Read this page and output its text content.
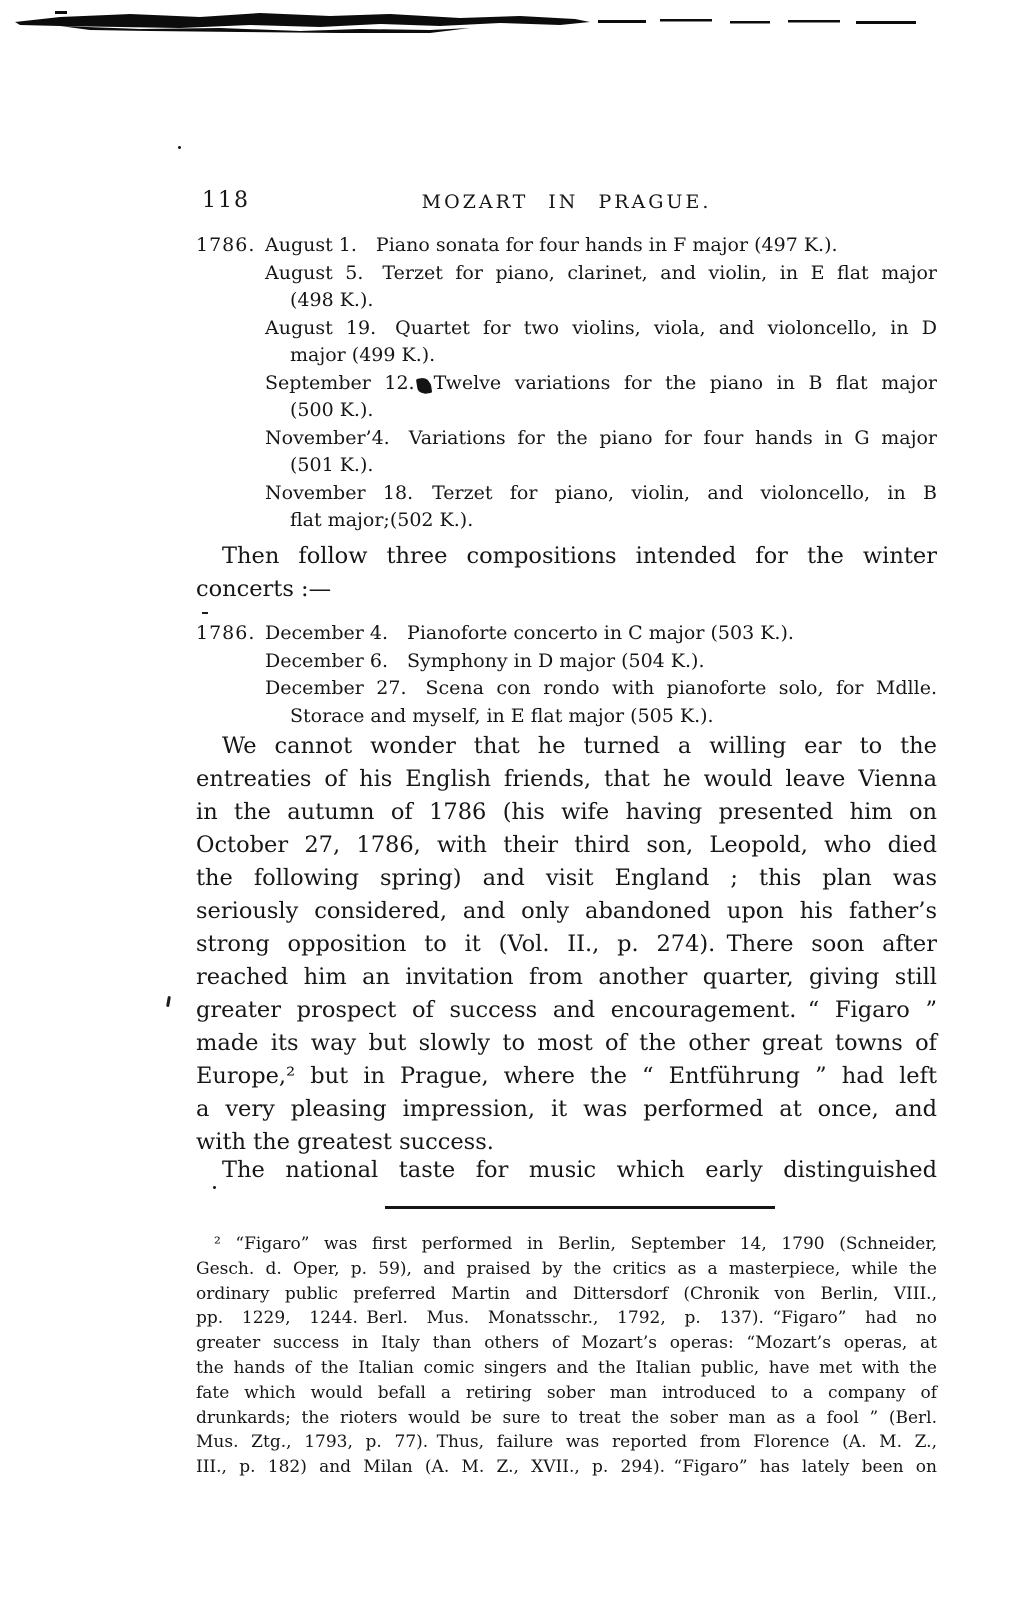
118	MOZART IN PRAGUE.
1786. August 1.  Piano sonata for four hands in F major (497 K.).
August 5.  Terzet for piano, clarinet, and violin, in E flat major
(498 K.).
August 19.  Quartet for two violins, viola, and violoncello, in D
major (499 K.).
September 12. Twelve variations for the piano in B flat major
(500 K.).
November’4.  Variations for the piano for four hands in G major
(501 K.).
November 18.  Terzet for piano, violin, and violoncello, in B
flat major;(502 K.).
Then follow three compositions intended for the winter
concerts :—
1786. December 4.  Pianoforte concerto in C major (503 K.).
December 6.  Symphony in D major (504 K.).
December 27.  Scena con rondo with pianoforte solo, for Mdlle.
Storace and myself, in E flat major (505 K.).
We cannot wonder that he turned a willing ear to the
entreaties of his English friends, that he would leave Vienna
in the autumn of 1786 (his wife having presented him on
October 27, 1786, with their third son, Leopold, who died
the following spring) and visit England ; this plan was
seriously considered, and only abandoned upon his father’s
strong opposition to it (Vol. II., p. 274). There soon after
reached him an invitation from another quarter, giving still
greater prospect of success and encouragement. “ Figaro ”
made its way but slowly to most of the other great towns of
Europe,² but in Prague, where the “ Entführung ” had left
a very pleasing impression, it was performed at once, and
with the greatest success.
The national taste for music which early distinguished
² “Figaro” was first performed in Berlin, September 14, 1790 (Schneider,
Gesch. d. Oper, p. 59), and praised by the critics as a masterpiece, while the
ordinary public preferred Martin and Dittersdorf (Chronik von Berlin, VIII.,
pp. 1229, 1244. Berl. Mus. Monatsschr., 1792, p. 137). “Figaro” had no
greater success in Italy than others of Mozart’s operas: “Mozart’s operas, at
the hands of the Italian comic singers and the Italian public, have met with the
fate which would befall a retiring sober man introduced to a company of
drunkards; the rioters would be sure to treat the sober man as a fool ” (Berl.
Mus. Ztg., 1793, p. 77). Thus, failure was reported from Florence (A. M. Z.,
III., p. 182) and Milan (A. M. Z., XVII., p. 294). “Figaro” has lately been on
